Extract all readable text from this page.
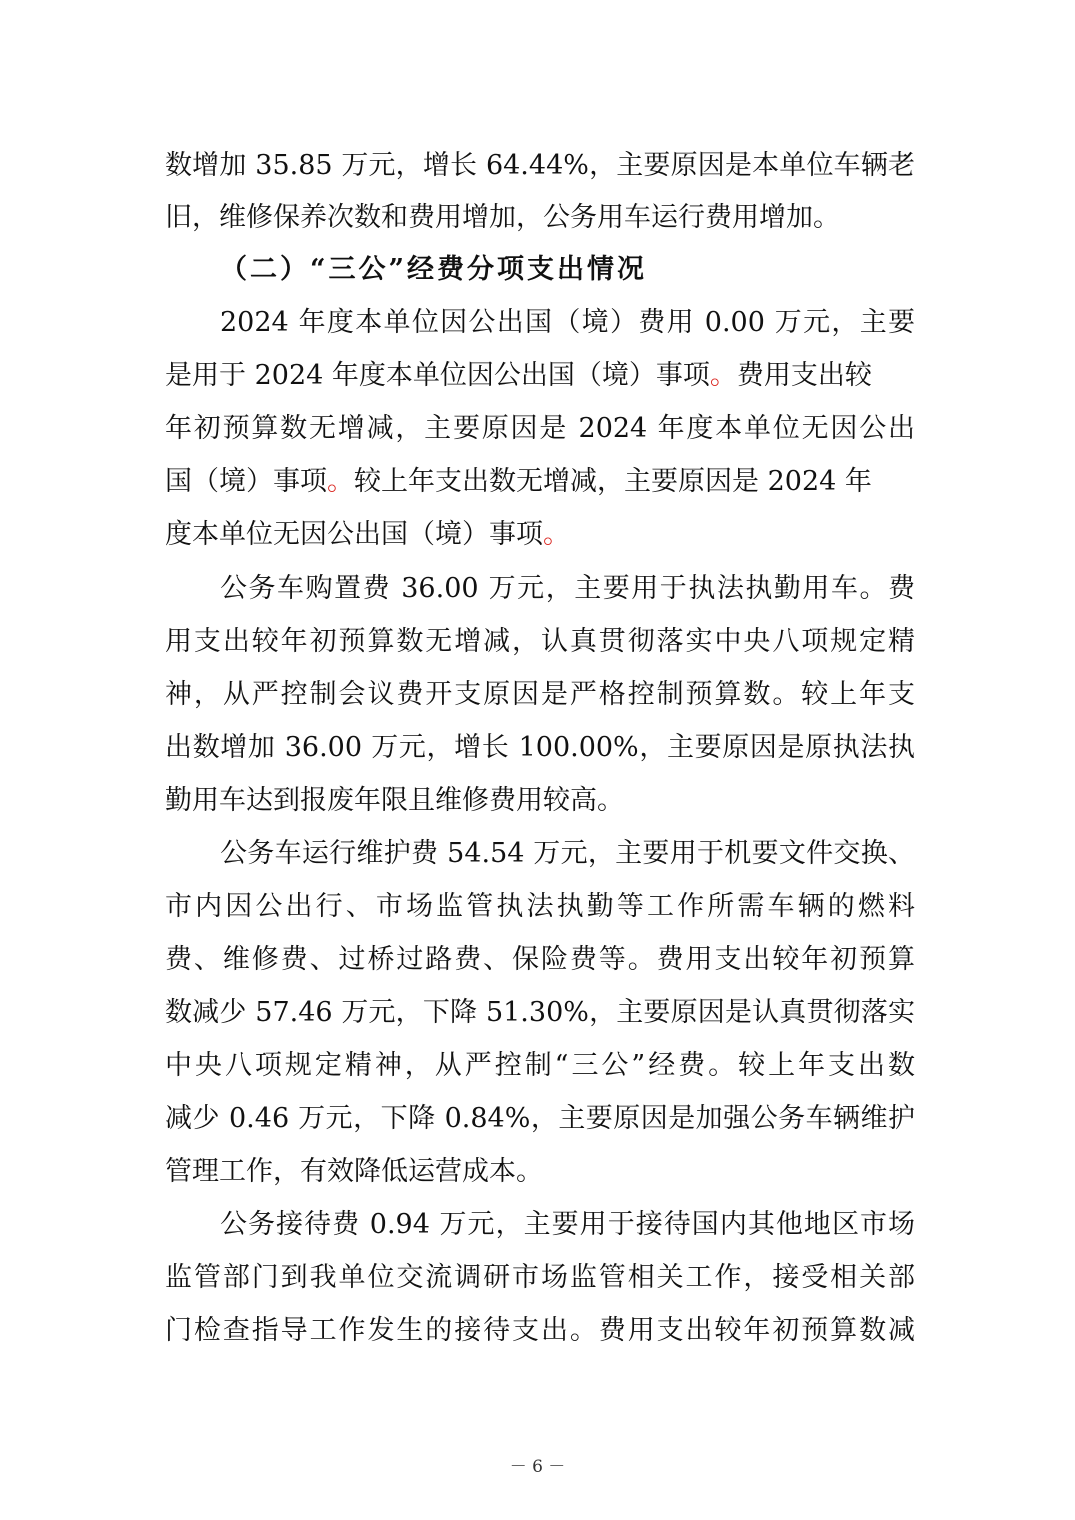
数增加 35.85 万元，增长 64.44%，主要原因是本单位车辆老
旧，维修保养次数和费用增加，公务用车运行费用增加。
（二）“三公”经费分项支出情况
2024 年度本单位因公出国（境）费用 0.00 万元，主要
是用于 2024 年度本单位因公出国（境）事项。费用支出较
年初预算数无增减，主要原因是 2024 年度本单位无因公出
国（境）事项。较上年支出数无增减，主要原因是 2024 年
度本单位无因公出国（境）事项。
公务车购置费 36.00 万元，主要用于执法执勤用车。费
用支出较年初预算数无增减，认真贯彻落实中央八项规定精
神，从严控制会议费开支原因是严格控制预算数。较上年支
出数增加 36.00 万元，增长 100.00%，主要原因是原执法执
勤用车达到报废年限且维修费用较高。
公务车运行维护费 54.54 万元，主要用于机要文件交换、
市内因公出行、市场监管执法执勤等工作所需车辆的燃料
费、维修费、过桥过路费、保险费等。费用支出较年初预算
数减少 57.46 万元，下降 51.30%，主要原因是认真贯彻落实
中央八项规定精神，从严控制“三公”经费。较上年支出数
减少 0.46 万元，下降 0.84%，主要原因是加强公务车辆维护
管理工作，有效降低运营成本。
公务接待费 0.94 万元，主要用于接待国内其他地区市场
监管部门到我单位交流调研市场监管相关工作，接受相关部
门检查指导工作发生的接待支出。费用支出较年初预算数减
－ 6 －
